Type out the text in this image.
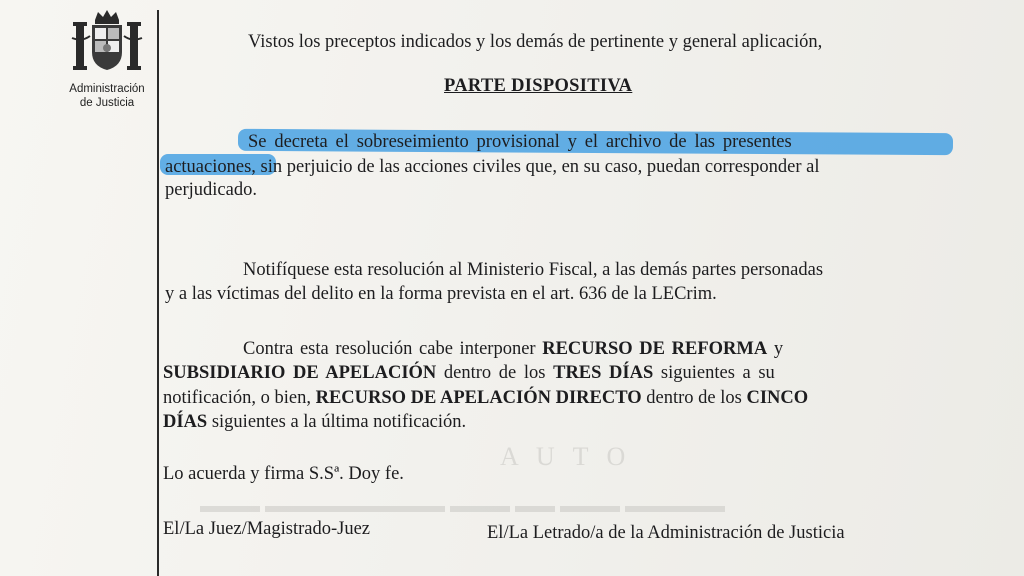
A U T O
▬▬▬ ▬▬▬▬▬▬▬▬▬ ▬▬▬ ▬▬ ▬▬▬ ▬▬▬▬▬
Administración
de Justicia
Vistos los preceptos indicados y los demás de pertinente y general aplicación,
PARTE DISPOSITIVA
Se decreta el sobreseimiento provisional y el archivo de las presentes
actuaciones, sin perjuicio de las acciones civiles que, en su caso, puedan corresponder al
perjudicado.
Notifíquese esta resolución al Ministerio Fiscal, a las demás partes personadas
y a las víctimas del delito en la forma prevista en el art. 636 de la LECrim.
Contra esta resolución cabe interponer RECURSO DE REFORMA y
SUBSIDIARIO DE APELACIÓN dentro de los TRES DÍAS siguientes a su
notificación, o bien, RECURSO DE APELACIÓN DIRECTO dentro de los CINCO
DÍAS siguientes a la última notificación.
Lo acuerda y firma S.Sª. Doy fe.
El/La Juez/Magistrado-Juez	El/La Letrado/a de la Administración de Justicia
